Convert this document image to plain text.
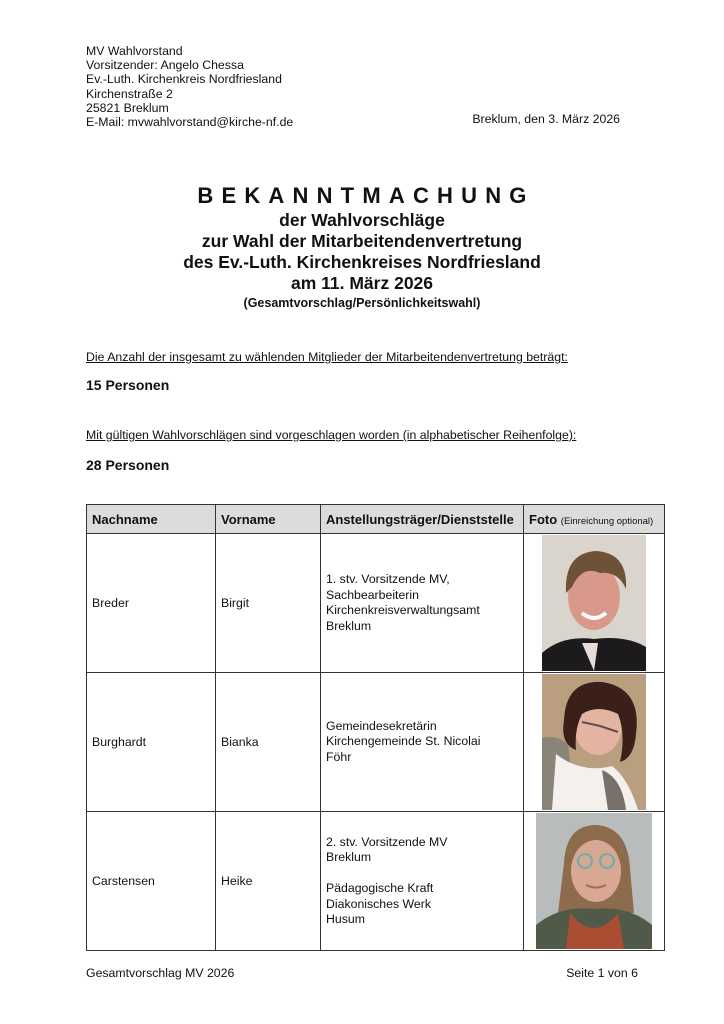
MV Wahlvorstand
Vorsitzender: Angelo Chessa
Ev.-Luth. Kirchenkreis Nordfriesland
Kirchenstraße 2
25821 Breklum
E-Mail: mvwahlvorstand@kirche-nf.de	Breklum, den 3. März 2026
BEKANNTMACHUNG
der Wahlvorschläge
zur Wahl der Mitarbeitendenvertretung
des Ev.-Luth. Kirchenkreises Nordfriesland
am 11. März 2026
(Gesamtvorschlag/Persönlichkeitswahl)
Die Anzahl der insgesamt zu wählenden Mitglieder der Mitarbeitendenvertretung beträgt:
15 Personen
Mit gültigen Wahlvorschlägen sind vorgeschlagen worden (in alphabetischer Reihenfolge):
28 Personen
Nachname	Vorname	Anstellungsträger/Dienststelle	Foto (Einreichung optional)
Breder	Birgit	1. stv. Vorsitzende MV,
Sachbearbeiterin
Kirchenkreisverwaltungsamt
Breklum

Burghardt	Bianka	Gemeindesekretärin
Kirchengemeinde St. Nicolai
Föhr

Carstensen	Heike	2. stv. Vorsitzende MV
Breklum
Pädagogische Kraft
Diakonisches Werk
Husum

Gesamtvorschlag MV 2026	Seite 1 von 6
